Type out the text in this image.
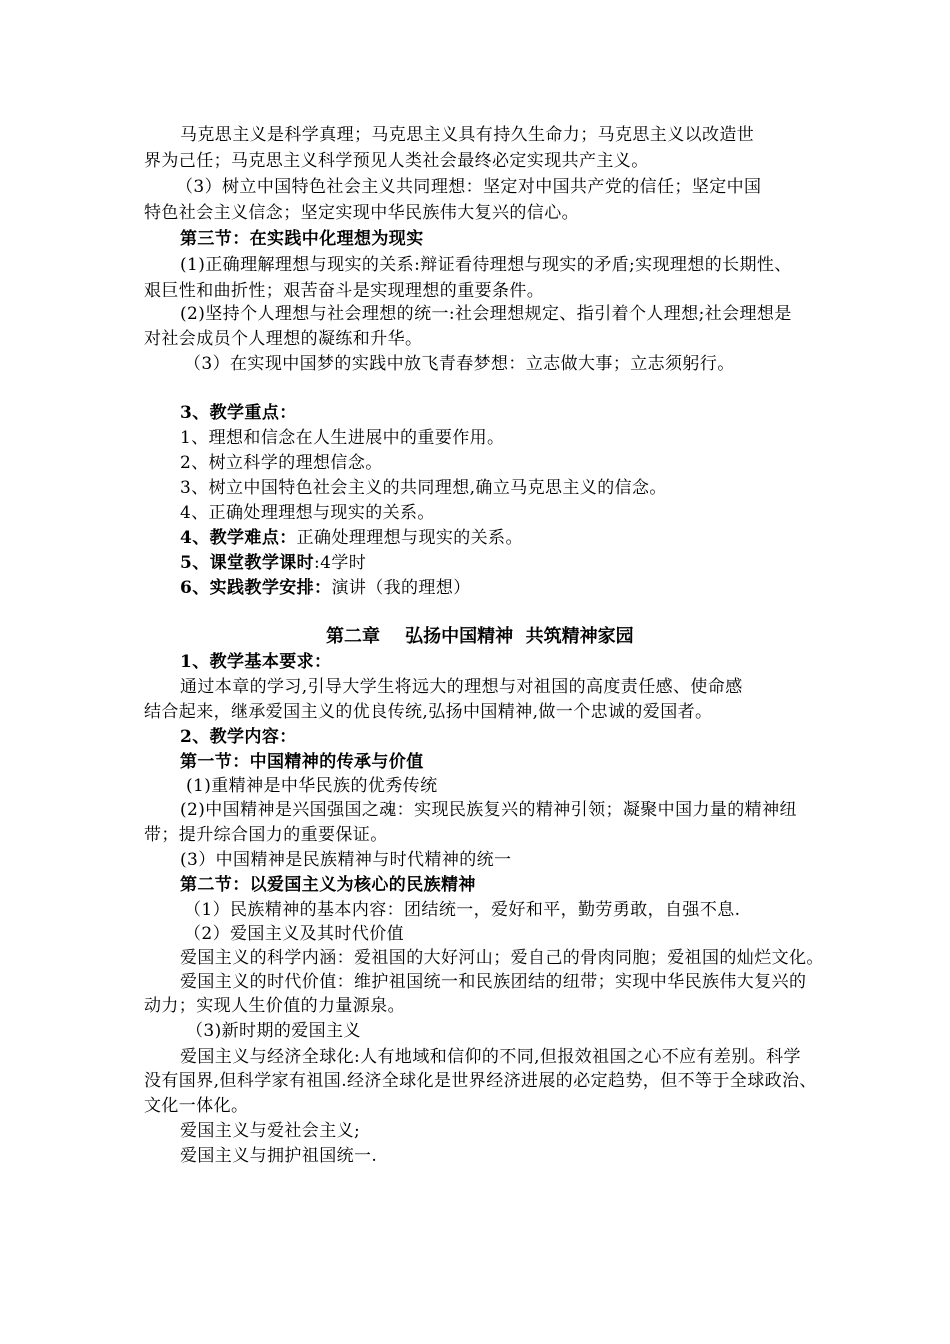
马克思主义是科学真理；马克思主义具有持久生命力；马克思主义以改造世
界为己任；马克思主义科学预见人类社会最终必定实现共产主义。
（3）树立中国特色社会主义共同理想：坚定对中国共产党的信任；坚定中国
特色社会主义信念；坚定实现中华民族伟大复兴的信心。
第三节：在实践中化理想为现实
(1)正确理解理想与现实的关系:辩证看待理想与现实的矛盾;实现理想的长期性、
艰巨性和曲折性；艰苦奋斗是实现理想的重要条件。
(2)坚持个人理想与社会理想的统一:社会理想规定、指引着个人理想;社会理想是
对社会成员个人理想的凝练和升华。
（3）在实现中国梦的实践中放飞青春梦想：立志做大事；立志须躬行。
3、教学重点：
1、理想和信念在人生进展中的重要作用。
2、树立科学的理想信念。
3、树立中国特色社会主义的共同理想,确立马克思主义的信念。
4、正确处理理想与现实的关系。
4、教学难点：正确处理理想与现实的关系。
5、课堂教学课时:4学时
6、实践教学安排：演讲（我的理想）
第二章    弘扬中国精神  共筑精神家园
1、教学基本要求：
通过本章的学习,引导大学生将远大的理想与对祖国的高度责任感、使命感
结合起来，继承爱国主义的优良传统,弘扬中国精神,做一个忠诚的爱国者。
2、教学内容：
第一节：中国精神的传承与价值
(1)重精神是中华民族的优秀传统
(2)中国精神是兴国强国之魂：实现民族复兴的精神引领；凝聚中国力量的精神纽
带；提升综合国力的重要保证。
(3）中国精神是民族精神与时代精神的统一
第二节：以爱国主义为核心的民族精神
（1）民族精神的基本内容：团结统一，爱好和平，勤劳勇敢，自强不息.
（2）爱国主义及其时代价值
爱国主义的科学内涵：爱祖国的大好河山；爱自己的骨肉同胞；爱祖国的灿烂文化。
爱国主义的时代价值：维护祖国统一和民族团结的纽带；实现中华民族伟大复兴的
动力；实现人生价值的力量源泉。
（3)新时期的爱国主义
爱国主义与经济全球化:人有地域和信仰的不同,但报效祖国之心不应有差别。科学
没有国界,但科学家有祖国.经济全球化是世界经济进展的必定趋势，但不等于全球政治、
文化一体化。
爱国主义与爱社会主义;
爱国主义与拥护祖国统一.
